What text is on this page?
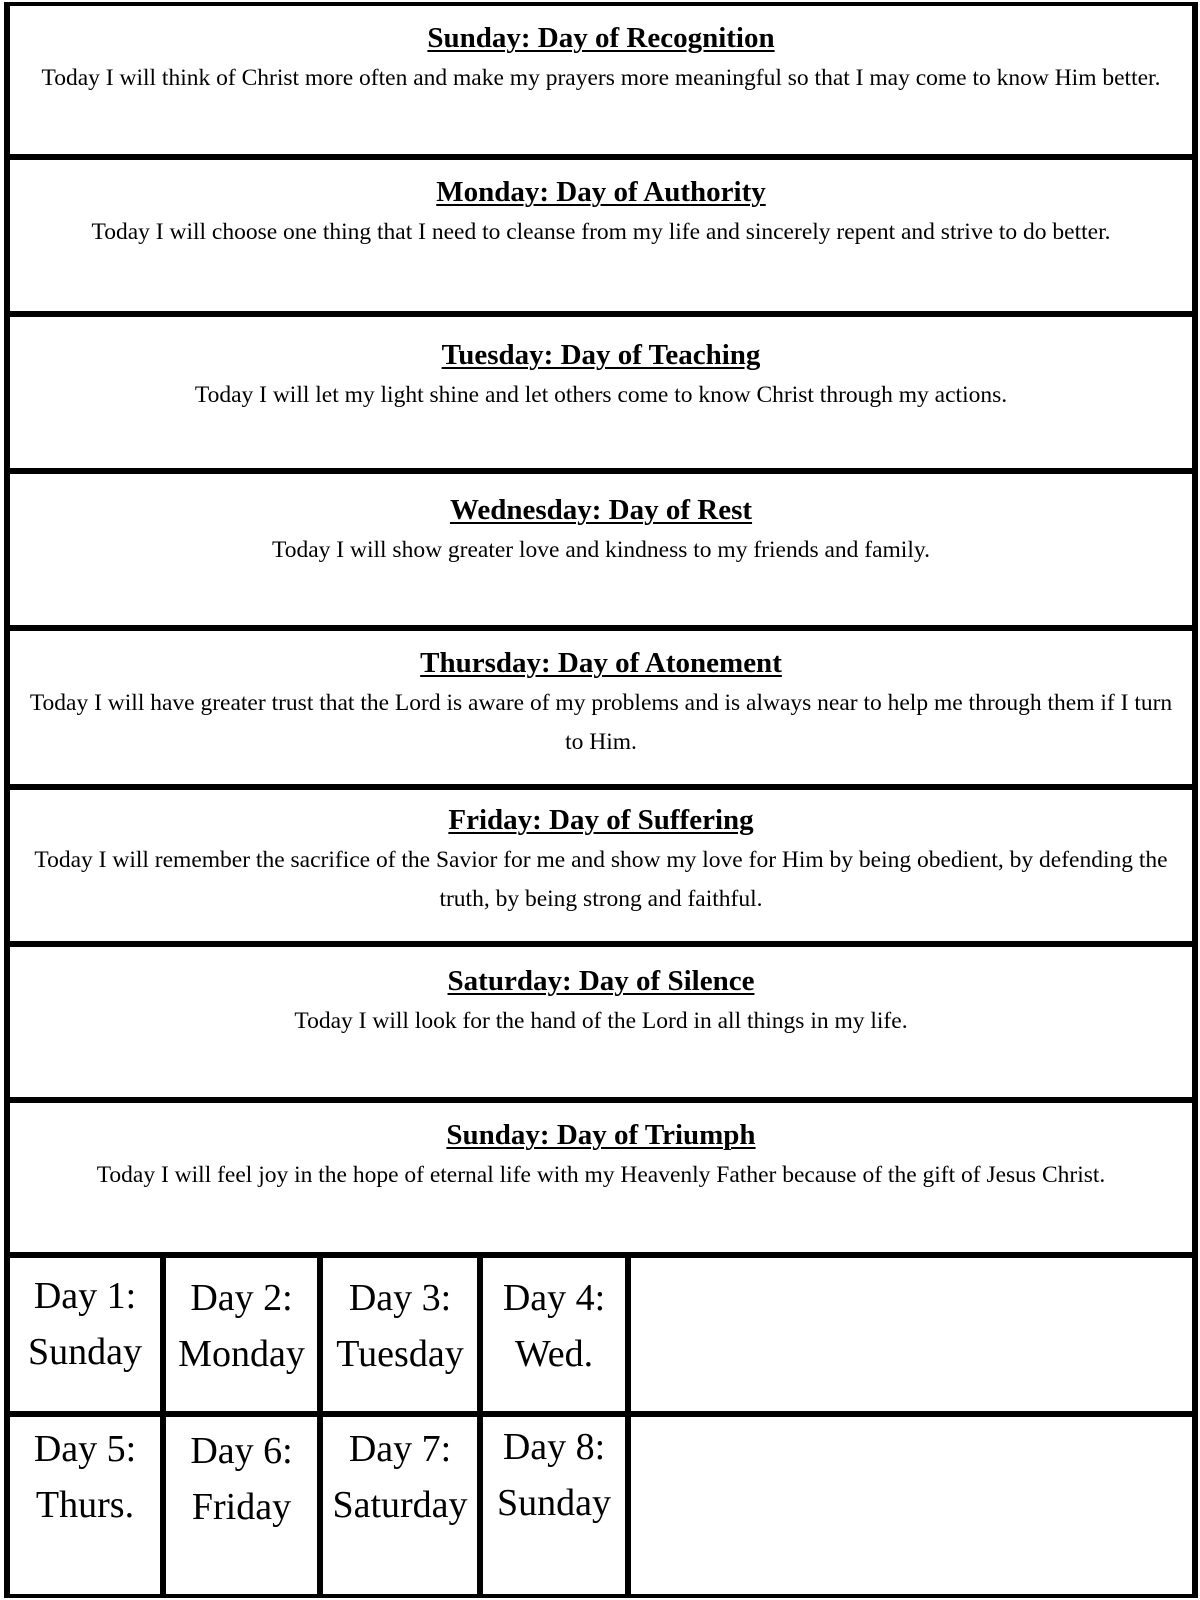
Sunday: Day of Recognition

Today I will think of Christ more often and make my prayers more meaningful so that I may come to know Him better.

Monday: Day of Authority

Today I will choose one thing that I need to cleanse from my life and sincerely repent and strive to do better.

Tuesday: Day of Teaching

Today I will let my light shine and let others come to know Christ through my actions.

Wednesday: Day of Rest

Today I will show greater love and kindness to my friends and family.

Thursday: Day of Atonement

Today I will have greater trust that the Lord is aware of my problems and is always near to help me through them if I turn to Him.

Friday: Day of Suffering

Today I will remember the sacrifice of the Savior for me and show my love for Him by being obedient, by defending the truth, by being strong and faithful.

Saturday: Day of Silence

Today I will look for the hand of the Lord in all things in my life.

Sunday: Day of Triumph

Today I will feel joy in the hope of eternal life with my Heavenly Father because of the gift of Jesus Christ.

Day 1:
Sunday
Day 2:
Monday
Day 3:
Tuesday
Day 4:
Wed.
Day 5:
Thurs.
Day 6:
Friday
Day 7:
Saturday
Day 8:
Sunday
